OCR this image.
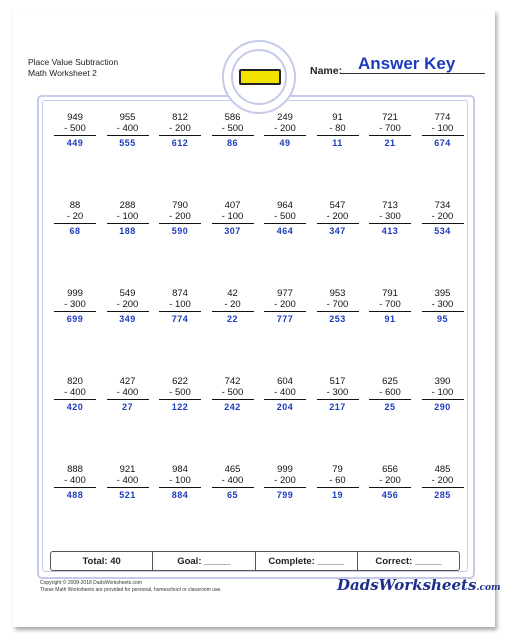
Place Value Subtraction
Math Worksheet 2	Name: Answer Key
949
- 500
449
955
- 400
555
812
- 200
612
586
- 500
86
249
- 200
49
91
- 80
11
721
- 700
21
774
- 100
674
88
- 20
68
288
- 100
188
790
- 200
590
407
- 100
307
964
- 500
464
547
- 200
347
713
- 300
413
734
- 200
534
999
- 300
699
549
- 200
349
874
- 100
774
42
- 20
22
977
- 200
777
953
- 700
253
791
- 700
91
395
- 300
95
820
- 400
420
427
- 400
27
622
- 500
122
742
- 500
242
604
- 400
204
517
- 300
217
625
- 600
25
390
- 100
290
888
- 400
488
921
- 400
521
984
- 100
884
465
- 400
65
999
- 200
799
79
- 60
19
656
- 200
456
485
- 200
285
Total: 40	Goal: _____	Complete: _____	Correct: _____
Copyright © 2008-2018 DadsWorksheets.com
These Math Worksheets are provided for personal, homeschool or classroom use.	DadsWorksheets.com
